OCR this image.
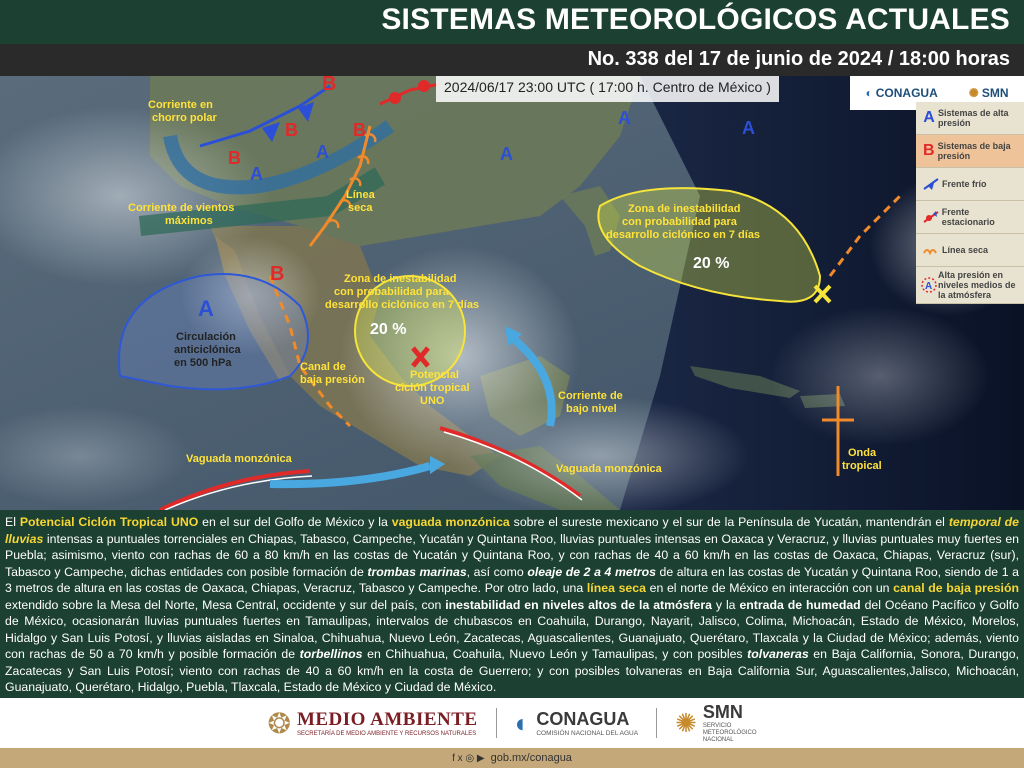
SISTEMAS METEOROLÓGICOS ACTUALES
No. 338 del 17 de junio de 2024 / 18:00 horas
B
B
B
B
B
A
A	A
A	A
A
Corriente en
chorro polar
Corriente de vientos
máximos
Línea
seca
Circulación
anticiclónica
en 500 hPa	Canal de
baja presión
Zona de inestabilidad
con probabilidad para
desarrollo ciclónico en 7 días
20 %
Potencial
ciclón tropical
UNO	Corriente de
bajo nivel
Vaguada monzónica
Vaguada monzónica
Zona de inestabilidad
con probabilidad para
desarrollo ciclónico en 7 días
20 %
Onda
tropical
2024/06/17 23:00 UTC ( 17:00 h. Centro de México )	◐ CONAGUA	✺ SMN
A Sistemas de alta presión
B Sistemas de baja presión
Frente frío
Frente estacionario
Línea seca
A
Alta presión en niveles medios de la atmósfera
El Potencial Ciclón Tropical UNO en el sur del Golfo de México y la vaguada monzónica sobre el sureste mexicano y el sur de la Península de Yucatán, mantendrán el temporal de lluvias intensas a puntuales torrenciales en Chiapas, Tabasco, Campeche, Yucatán y Quintana Roo, lluvias puntuales intensas en Oaxaca y Veracruz, y lluvias puntuales muy fuertes en Puebla; asimismo, viento con rachas de 60 a 80 km/h en las costas de Yucatán y Quintana Roo, y con rachas de 40 a 60 km/h en las costas de Oaxaca, Chiapas, Veracruz (sur), Tabasco y Campeche, dichas entidades con posible formación de trombas marinas, así como oleaje de 2 a 4 metros de altura en las costas de Yucatán y Quintana Roo, siendo de 1 a 3 metros de altura en las costas de Oaxaca, Chiapas, Veracruz, Tabasco y Campeche. Por otro lado, una línea seca en el norte de México en interacción con un canal de baja presión extendido sobre la Mesa del Norte, Mesa Central, occidente y sur del país, con inestabilidad en niveles altos de la atmósfera y la entrada de humedad del Océano Pacífico y Golfo de México, ocasionarán lluvias puntuales fuertes en Tamaulipas, intervalos de chubascos en Coahuila, Durango, Nayarit, Jalisco, Colima, Michoacán, Estado de México, Morelos, Hidalgo y San Luis Potosí, y lluvias aisladas en Sinaloa, Chihuahua, Nuevo León, Zacatecas, Aguascalientes, Guanajuato, Querétaro, Tlaxcala y la Ciudad de México; además, viento con rachas de 50 a 70 km/h y posible formación de torbellinos en Chihuahua, Coahuila, Nuevo León y Tamaulipas, y con posibles tolvaneras en Baja California, Sonora, Durango, Zacatecas y San Luis Potosí; viento con rachas de 40 a 60 km/h en la costa de Guerrero; y con posibles tolvaneras en Baja California Sur, Aguascalientes,Jalisco, Michoacán, Guanajuato, Querétaro, Hidalgo, Puebla, Tlaxcala, Estado de México y Ciudad de México.
❂ MEDIO AMBIENTE
SECRETARÍA DE MEDIO AMBIENTE Y RECURSOS NATURALES ◐ CONAGUA
COMISIÓN NACIONAL DEL AGUA ✺ SMN
SERVICIO
METEOROLÓGICO
NACIONAL
f x ◎ ▶ gob.mx/conagua
